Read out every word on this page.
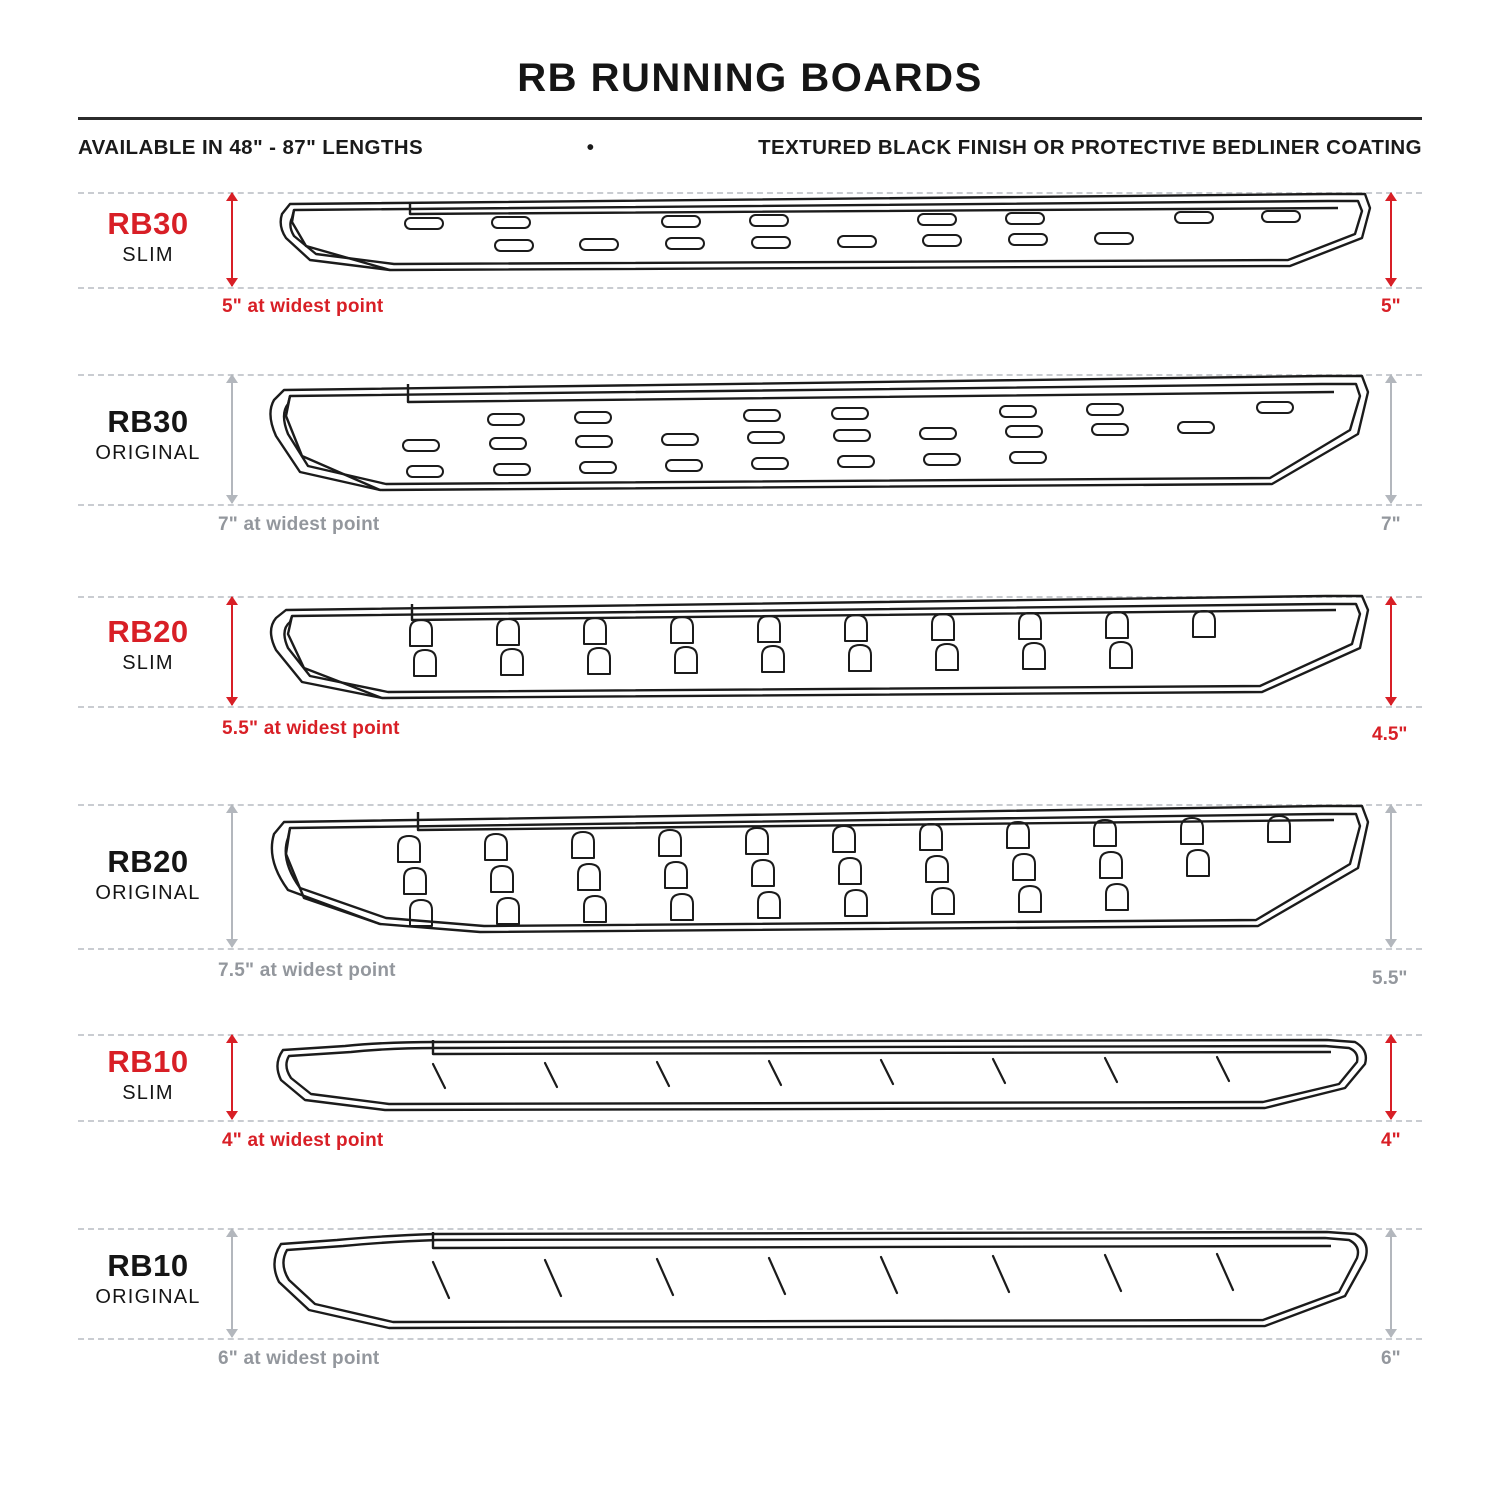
RB RUNNING BOARDS
AVAILABLE IN 48" - 87" LENGTHS	•	TEXTURED BLACK FINISH OR PROTECTIVE BEDLINER COATING
RB30
SLIM
5" at widest point	5"
RB30
ORIGINAL
7" at widest point	7"
RB20
SLIM
5.5" at widest point	4.5"
RB20
ORIGINAL
7.5" at widest point	5.5"
RB10
SLIM
4" at widest point	4"
RB10
ORIGINAL
6" at widest point	6"
